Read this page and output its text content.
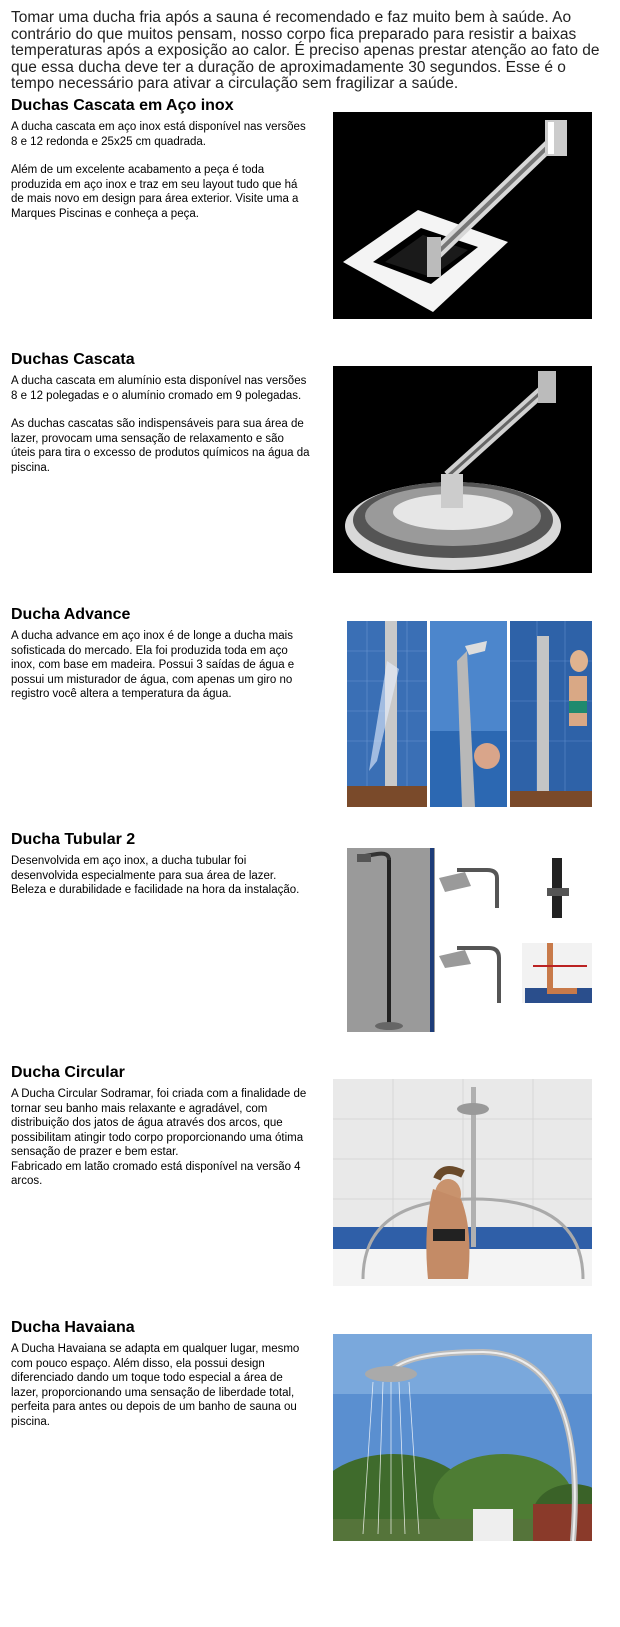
Tomar uma ducha fria após a sauna é recomendado e faz muito bem à saúde. Ao contrário do que muitos pensam, nosso corpo fica preparado para resistir a baixas temperaturas após a exposição ao calor. É preciso apenas prestar atenção ao fato de que essa ducha deve ter a duração de aproximadamente 30 segundos. Esse é o tempo necessário para ativar a circulação sem fragilizar a saúde.
Duchas Cascata em Aço inox

A ducha cascata em aço inox está disponível nas versões 8 e 12 redonda e 25x25 cm quadrada.

Além de um excelente acabamento a peça é toda produzida em aço inox e traz em seu layout tudo que há de mais novo em design para área exterior. Visite uma a Marques Piscinas e conheça a peça.

Duchas Cascata

A ducha cascata em alumínio esta disponível nas versões 8 e 12 polegadas e o alumínio cromado em 9 polegadas.

As duchas cascatas são indispensáveis para sua área de lazer, provocam uma sensação de relaxamento e são úteis para tira o excesso de produtos químicos na água da piscina.

Ducha Advance

A ducha advance em aço inox é de longe a ducha mais sofisticada do mercado. Ela foi produzida toda em aço inox, com base em madeira. Possui 3 saídas de água e possui um misturador de água, com apenas um giro no registro você altera a temperatura da água.

Ducha Tubular 2

Desenvolvida em aço inox, a ducha tubular foi desenvolvida especialmente para sua área de lazer. Beleza e durabilidade e facilidade na hora da instalação.

Ducha Circular

A Ducha Circular Sodramar, foi criada com a finalidade de tornar seu banho mais relaxante e agradável, com distribuição dos jatos de água através dos arcos, que possibilitam atingir todo corpo proporcionando uma ótima sensação de prazer e bem estar.
Fabricado em latão cromado está disponível na versão 4 arcos.

Ducha Havaiana

A Ducha Havaiana se adapta em qualquer lugar, mesmo com pouco espaço. Além disso, ela possui design diferenciado dando um toque todo especial a área de lazer, proporcionando uma sensação de liberdade total, perfeita para antes ou depois de um banho de sauna ou piscina.
